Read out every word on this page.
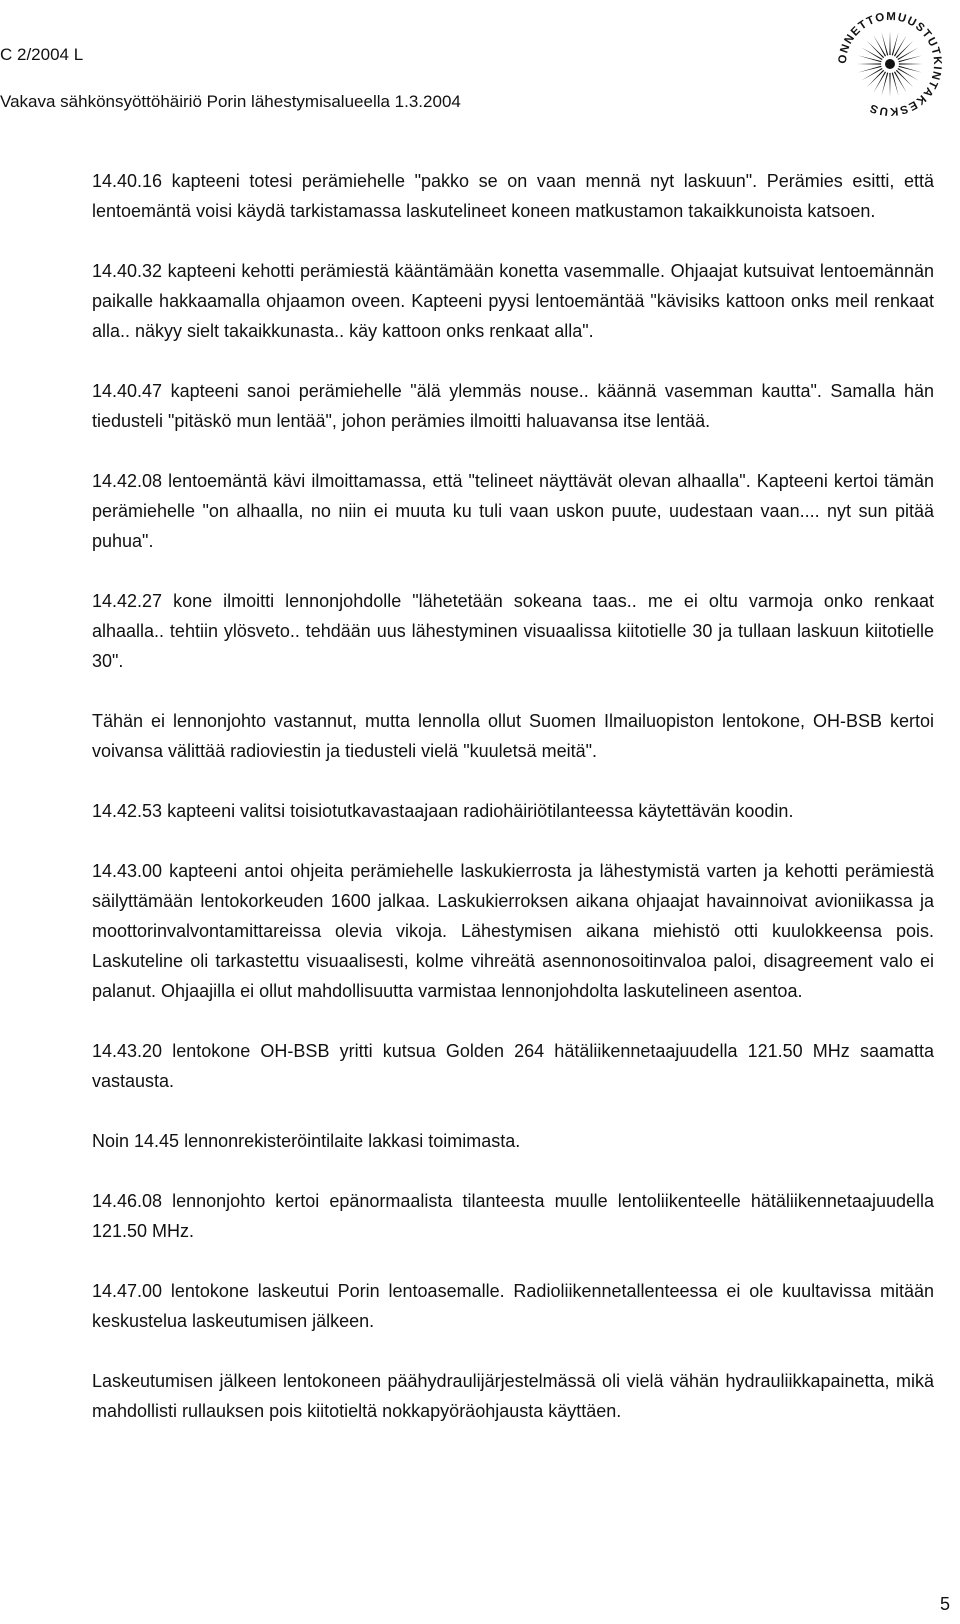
C 2/2004 L
Vakava sähkönsyöttöhäiriö Porin lähestymisalueella 1.3.2004
ONNETTOMUUSTUTKINTAKESKUS

14.40.16 kapteeni totesi perämiehelle "pakko se on vaan mennä nyt laskuun". Perämies esitti, että lentoemäntä voisi käydä tarkistamassa laskutelineet koneen matkustamon takaikkunoista katsoen.

14.40.32 kapteeni kehotti perämiestä kääntämään konetta vasemmalle. Ohjaajat kutsuivat lentoemännän paikalle hakkaamalla ohjaamon oveen. Kapteeni pyysi lentoemäntää "kävisiks kattoon onks meil renkaat alla.. näkyy sielt takaikkunasta.. käy kattoon onks renkaat alla".

14.40.47 kapteeni sanoi perämiehelle "älä ylemmäs nouse.. käännä vasemman kautta". Samalla hän tiedusteli "pitäskö mun lentää", johon perämies ilmoitti haluavansa itse lentää.

14.42.08 lentoemäntä kävi ilmoittamassa, että "telineet näyttävät olevan alhaalla". Kapteeni kertoi tämän perämiehelle "on alhaalla, no niin ei muuta ku tuli vaan uskon puute, uudestaan vaan.... nyt sun pitää puhua".

14.42.27 kone ilmoitti lennonjohdolle "lähetetään sokeana taas.. me ei oltu varmoja onko renkaat alhaalla.. tehtiin ylösveto.. tehdään uus lähestyminen visuaalissa kiitotielle 30 ja tullaan laskuun kiitotielle 30".

Tähän ei lennonjohto vastannut, mutta lennolla ollut Suomen Ilmailuopiston lentokone, OH-BSB kertoi voivansa välittää radioviestin ja tiedusteli vielä "kuuletsä meitä".

14.42.53 kapteeni valitsi toisiotutkavastaajaan radiohäiriötilanteessa käytettävän koodin.

14.43.00 kapteeni antoi ohjeita perämiehelle laskukierrosta ja lähestymistä varten ja kehotti perämiestä säilyttämään lentokorkeuden 1600 jalkaa. Laskukierroksen aikana ohjaajat havainnoivat avioniikassa ja moottorinvalvontamittareissa olevia vikoja. Lähestymisen aikana miehistö otti kuulokkeensa pois. Laskuteline oli tarkastettu visuaalisesti, kolme vihreätä asennonosoitinvaloa paloi, disagreement valo ei palanut. Ohjaajilla ei ollut mahdollisuutta varmistaa lennonjohdolta laskutelineen asentoa.

14.43.20 lentokone OH-BSB yritti kutsua Golden 264 hätäliikennetaajuudella 121.50 MHz saamatta vastausta.

Noin 14.45 lennonrekisteröintilaite lakkasi toimimasta.

14.46.08 lennonjohto kertoi epänormaalista tilanteesta muulle lentoliikenteelle hätäliikennetaajuudella 121.50 MHz.

14.47.00 lentokone laskeutui Porin lentoasemalle. Radioliikennetallenteessa ei ole kuultavissa mitään keskustelua laskeutumisen jälkeen.

Laskeutumisen jälkeen lentokoneen päähydraulijärjestelmässä oli vielä vähän hydrauliikkapainetta, mikä mahdollisti rullauksen pois kiitotieltä nokkapyöräohjausta käyttäen.

5
